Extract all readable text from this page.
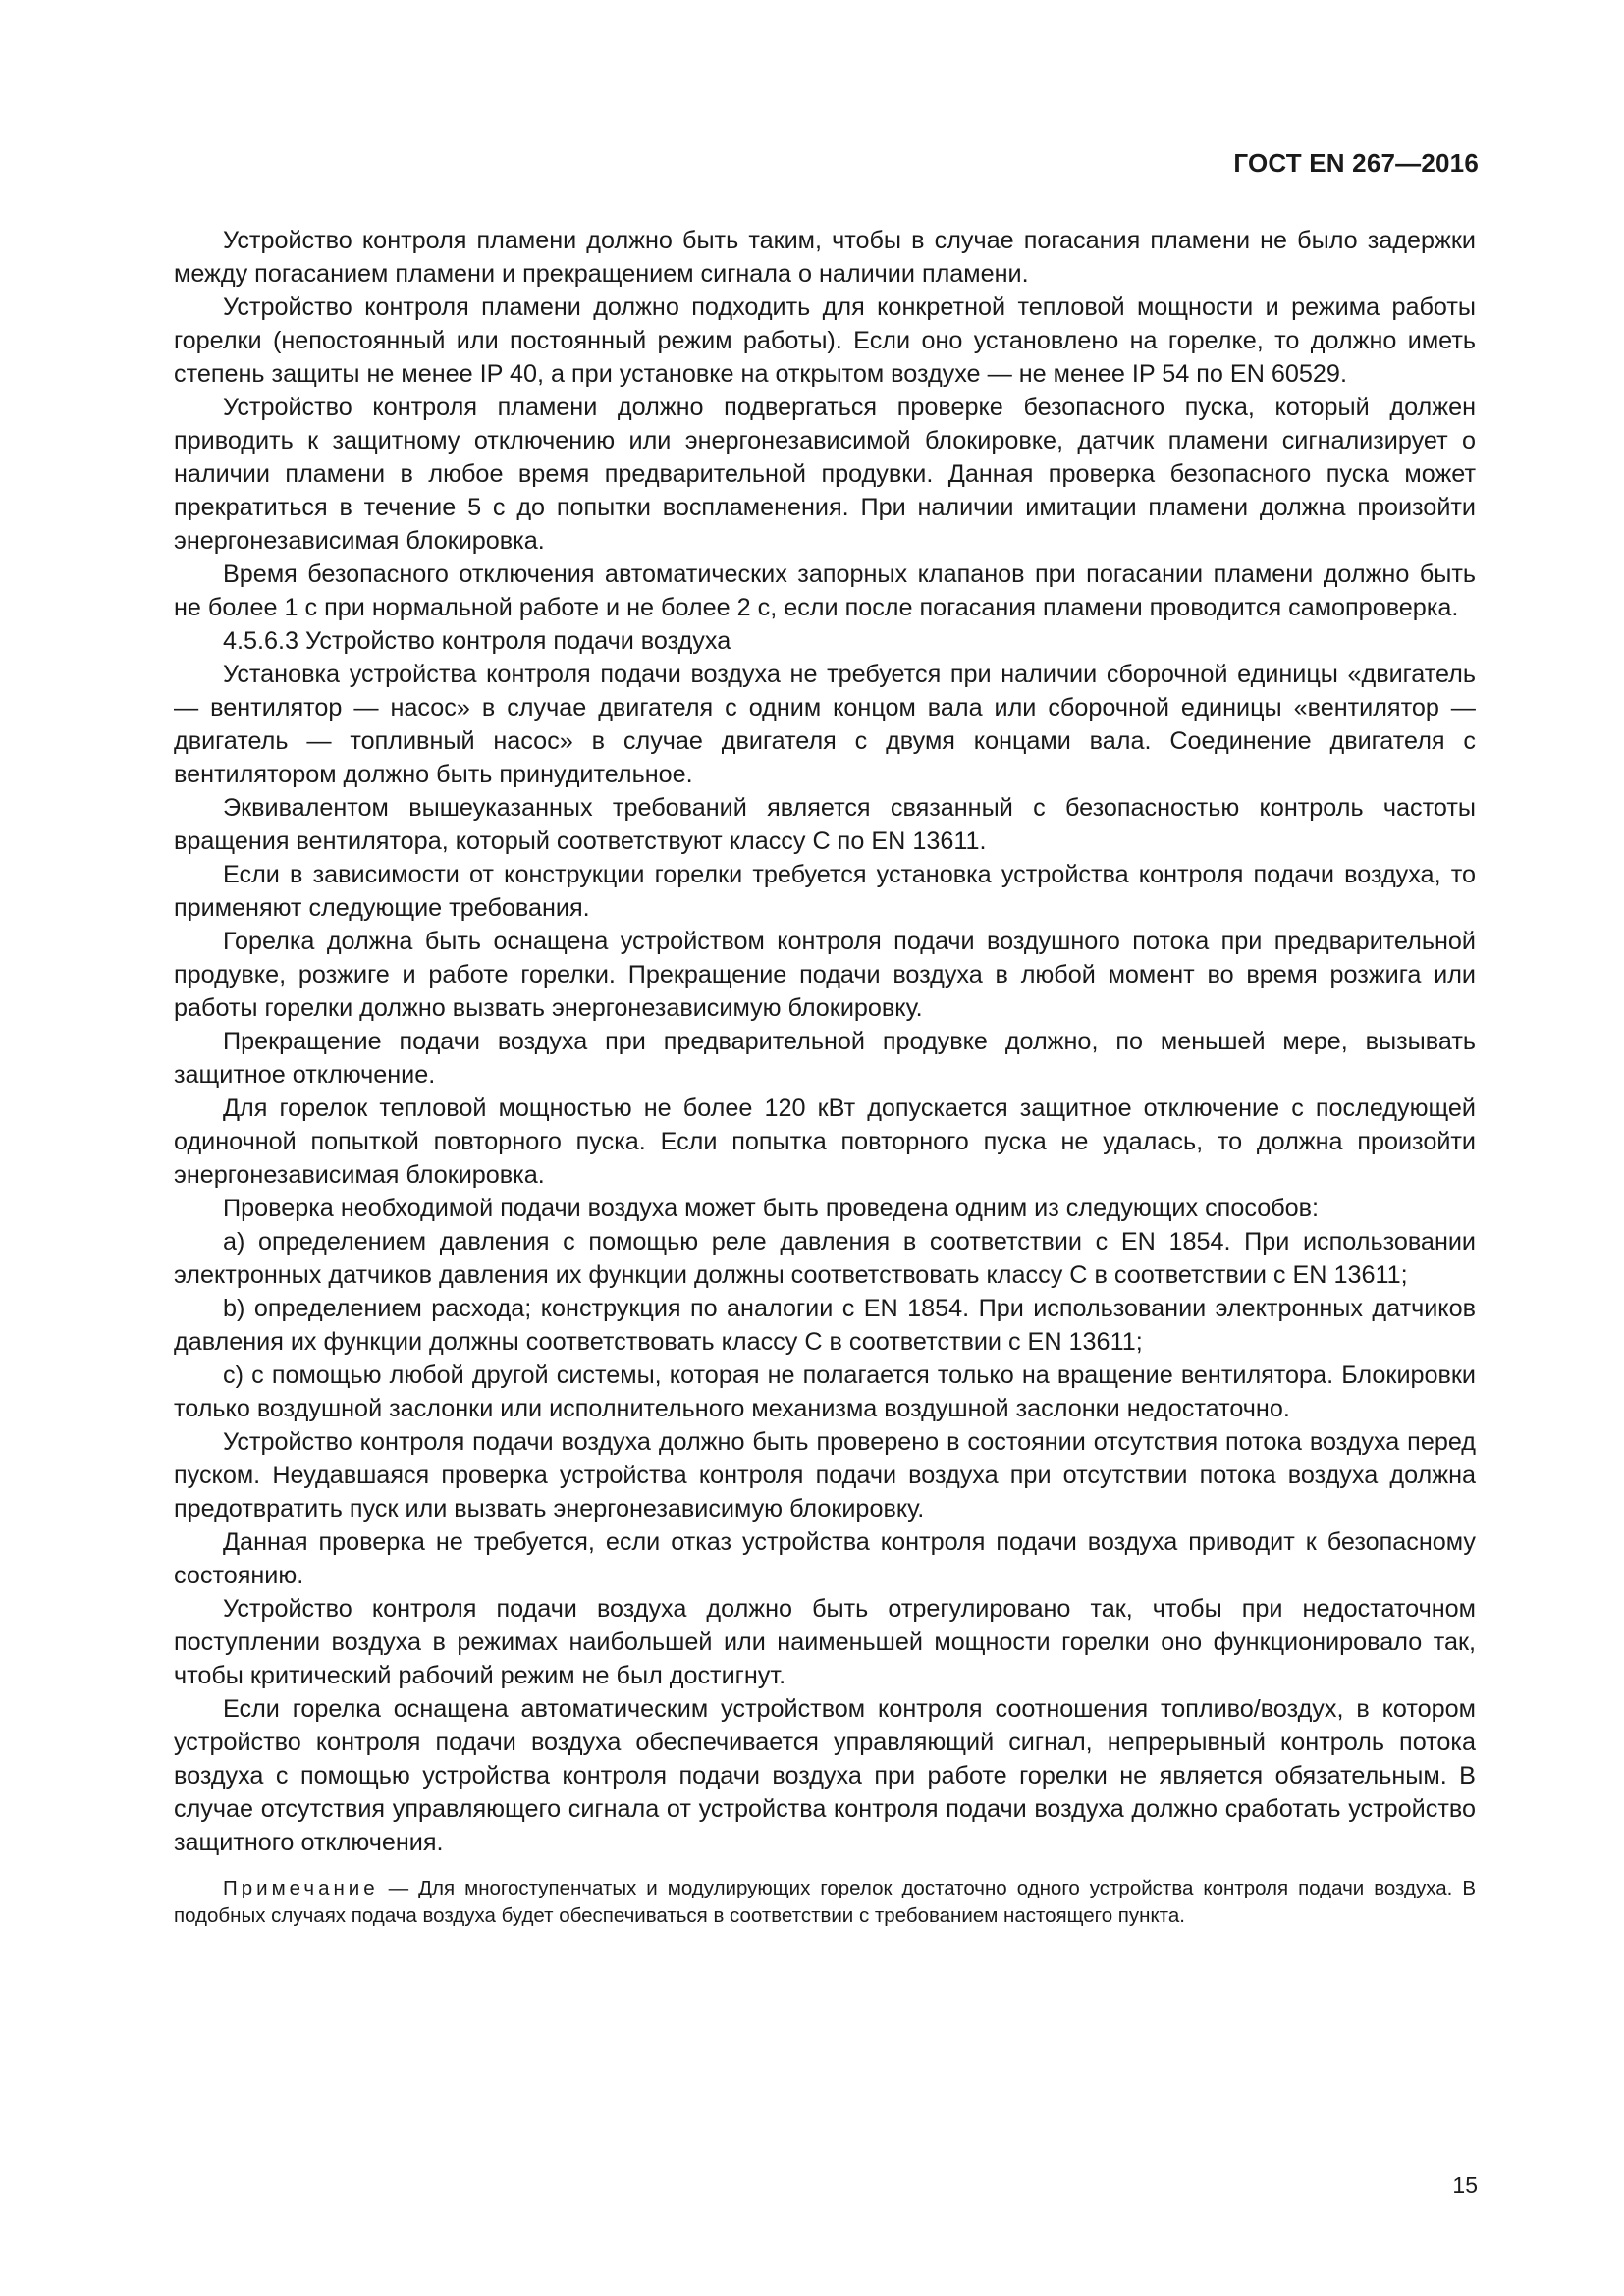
ГОСТ EN 267—2016

Устройство контроля пламени должно быть таким, чтобы в случае погасания пламени не было задержки между погасанием пламени и прекращением сигнала о наличии пламени.

Устройство контроля пламени должно подходить для конкретной тепловой мощности и режима работы горелки (непостоянный или постоянный режим работы). Если оно установлено на горелке, то должно иметь степень защиты не менее IP 40, а при установке на открытом воздухе — не менее IP 54 по EN 60529.

Устройство контроля пламени должно подвергаться проверке безопасного пуска, который должен приводить к защитному отключению или энергонезависимой блокировке, датчик пламени сигнализирует о наличии пламени в любое время предварительной продувки. Данная проверка безопасного пуска может прекратиться в течение 5 с до попытки воспламенения. При наличии имитации пламени должна произойти энергонезависимая блокировка.

Время безопасного отключения автоматических запорных клапанов при погасании пламени должно быть не более 1 с при нормальной работе и не более 2 с, если после погасания пламени проводится самопроверка.

4.5.6.3 Устройство контроля подачи воздуха

Установка устройства контроля подачи воздуха не требуется при наличии сборочной единицы «двигатель — вентилятор — насос» в случае двигателя с одним концом вала или сборочной единицы «вентилятор — двигатель — топливный насос» в случае двигателя с двумя концами вала. Соединение двигателя с вентилятором должно быть принудительное.

Эквивалентом вышеуказанных требований является связанный с безопасностью контроль частоты вращения вентилятора, который соответствуют классу C по EN 13611.

Если в зависимости от конструкции горелки требуется установка устройства контроля подачи воздуха, то применяют следующие требования.

Горелка должна быть оснащена устройством контроля подачи воздушного потока при предварительной продувке, розжиге и работе горелки. Прекращение подачи воздуха в любой момент во время розжига или работы горелки должно вызвать энергонезависимую блокировку.

Прекращение подачи воздуха при предварительной продувке должно, по меньшей мере, вызывать защитное отключение.

Для горелок тепловой мощностью не более 120 кВт допускается защитное отключение с последующей одиночной попыткой повторного пуска. Если попытка повторного пуска не удалась, то должна произойти энергонезависимая блокировка.

Проверка необходимой подачи воздуха может быть проведена одним из следующих способов:

a) определением давления с помощью реле давления в соответствии с EN 1854. При использовании электронных датчиков давления их функции должны соответствовать классу C в соответствии с EN 13611;

b) определением расхода; конструкция по аналогии с EN 1854. При использовании электронных датчиков давления их функции должны соответствовать классу C в соответствии с EN 13611;

c) с помощью любой другой системы, которая не полагается только на вращение вентилятора. Блокировки только воздушной заслонки или исполнительного механизма воздушной заслонки недостаточно.

Устройство контроля подачи воздуха должно быть проверено в состоянии отсутствия потока воздуха перед пуском. Неудавшаяся проверка устройства контроля подачи воздуха при отсутствии потока воздуха должна предотвратить пуск или вызвать энергонезависимую блокировку.

Данная проверка не требуется, если отказ устройства контроля подачи воздуха приводит к безопасному состоянию.

Устройство контроля подачи воздуха должно быть отрегулировано так, чтобы при недостаточном поступлении воздуха в режимах наибольшей или наименьшей мощности горелки оно функционировало так, чтобы критический рабочий режим не был достигнут.

Если горелка оснащена автоматическим устройством контроля соотношения топливо/воздух, в котором устройство контроля подачи воздуха обеспечивается управляющий сигнал, непрерывный контроль потока воздуха с помощью устройства контроля подачи воздуха при работе горелки не является обязательным. В случае отсутствия управляющего сигнала от устройства контроля подачи воздуха должно сработать устройство защитного отключения.

Примечание — Для многоступенчатых и модулирующих горелок достаточно одного устройства контроля подачи воздуха. В подобных случаях подача воздуха будет обеспечиваться в соответствии с требованием настоящего пункта.

15
